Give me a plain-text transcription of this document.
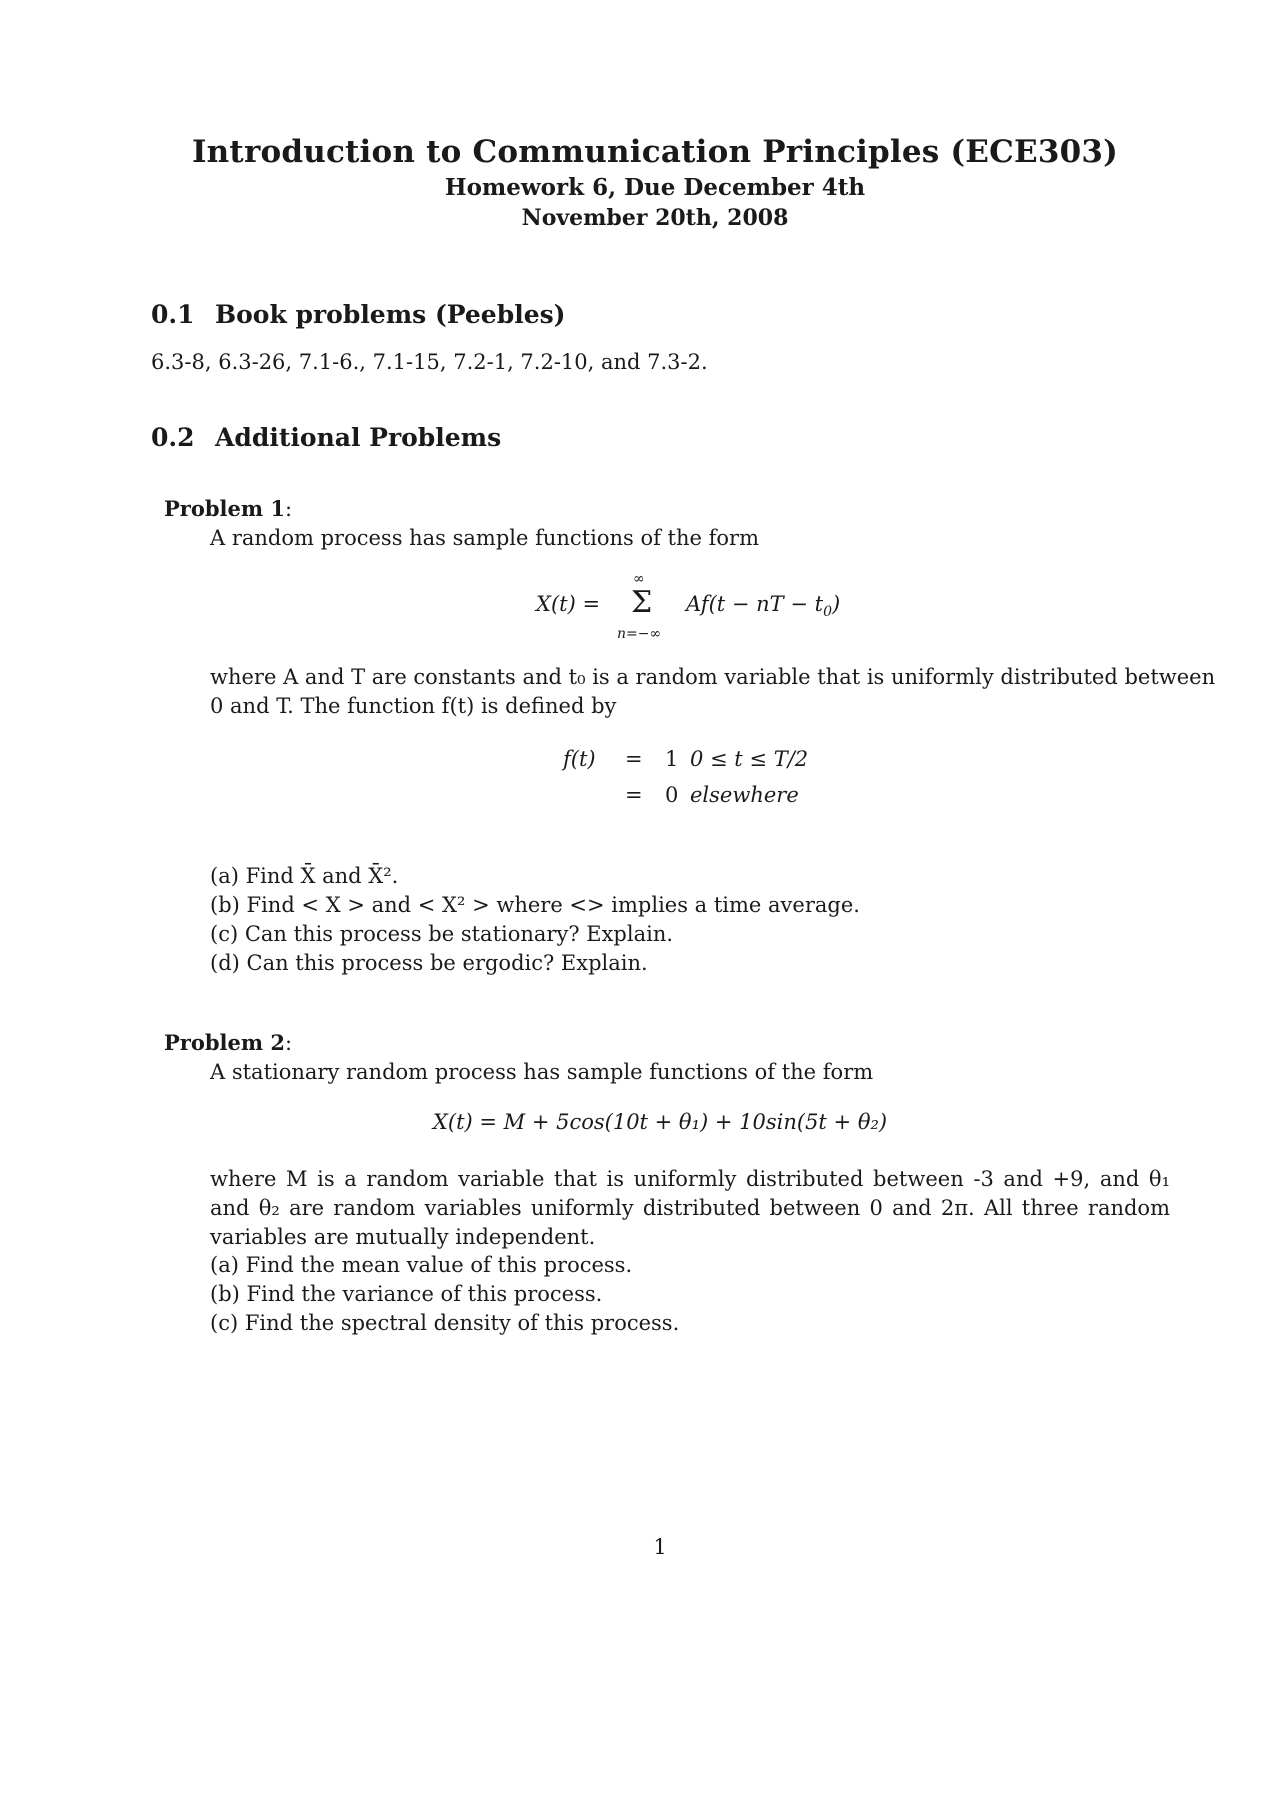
Introduction to Communication Principles (ECE303)
Homework 6, Due December 4th
November 20th, 2008
0.1 Book problems (Peebles)
6.3-8, 6.3-26, 7.1-6., 7.1-15, 7.2-1, 7.2-10, and 7.3-2.
0.2 Additional Problems
Problem 1:
A random process has sample functions of the form
X(t) =
∞
Σ
n=−∞
Af(t − nT − $t_0$)
where A and T are constants and t₀ is a random variable that is uniformly distributed between
0 and T. The function f(t) is defined by
f(t) = 1 0 ≤ t ≤ T/2
= 0 elsewhere
(a) Find X̄ and X̄².
(b) Find < X > and < X² > where <> implies a time average.
(c) Can this process be stationary? Explain.
(d) Can this process be ergodic? Explain.
Problem 2:
A stationary random process has sample functions of the form
X(t) = M + 5cos(10t + θ₁) + 10sin(5t + θ₂)
where M is a random variable that is uniformly distributed between -3 and +9, and θ₁ and θ₂ are random variables uniformly distributed between 0 and 2π. All three random variables are mutually independent.
(a) Find the mean value of this process.
(b) Find the variance of this process.
(c) Find the spectral density of this process.
1
